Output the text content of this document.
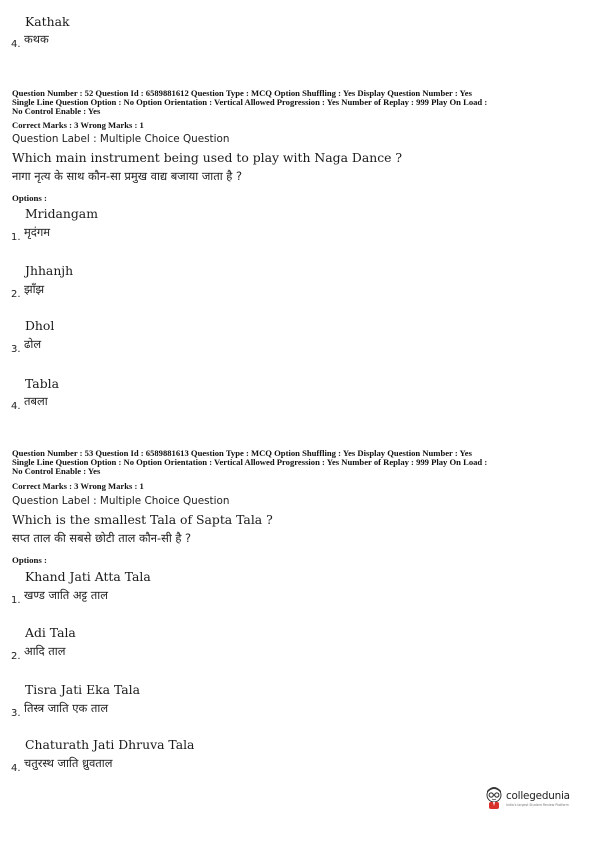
Kathak
4. कथक
Question Number : 52 Question Id : 6589881612 Question Type : MCQ Option Shuffling : Yes Display Question Number : Yes
Single Line Question Option : No Option Orientation : Vertical Allowed Progression : Yes Number of Replay : 999 Play On Load :
No Control Enable : Yes
Correct Marks : 3 Wrong Marks : 1
Question Label : Multiple Choice Question
Which main instrument being used to play with Naga Dance ?
नागा नृत्य के साथ कौन-सा प्रमुख वाद्य बजाया जाता है ?
Options :
Mridangam
1. मृदंगम
Jhhanjh
2. झाँझ
Dhol
3. ढोल
Tabla
4. तबला
Question Number : 53 Question Id : 6589881613 Question Type : MCQ Option Shuffling : Yes Display Question Number : Yes
Single Line Question Option : No Option Orientation : Vertical Allowed Progression : Yes Number of Replay : 999 Play On Load :
No Control Enable : Yes
Correct Marks : 3 Wrong Marks : 1
Question Label : Multiple Choice Question
Which is the smallest Tala of Sapta Tala ?
सप्त ताल की सबसे छोटी ताल कौन-सी है ?
Options :
Khand Jati Atta Tala
1. खण्ड जाति अट्ट ताल
Adi Tala
2. आदि ताल
Tisra Jati Eka Tala
3. तिस्त्र जाति एक ताल
Chaturath Jati Dhruva Tala
4. चतुरस्थ जाति ध्रुवताल
collegedunia
India's largest Student Review Platform
